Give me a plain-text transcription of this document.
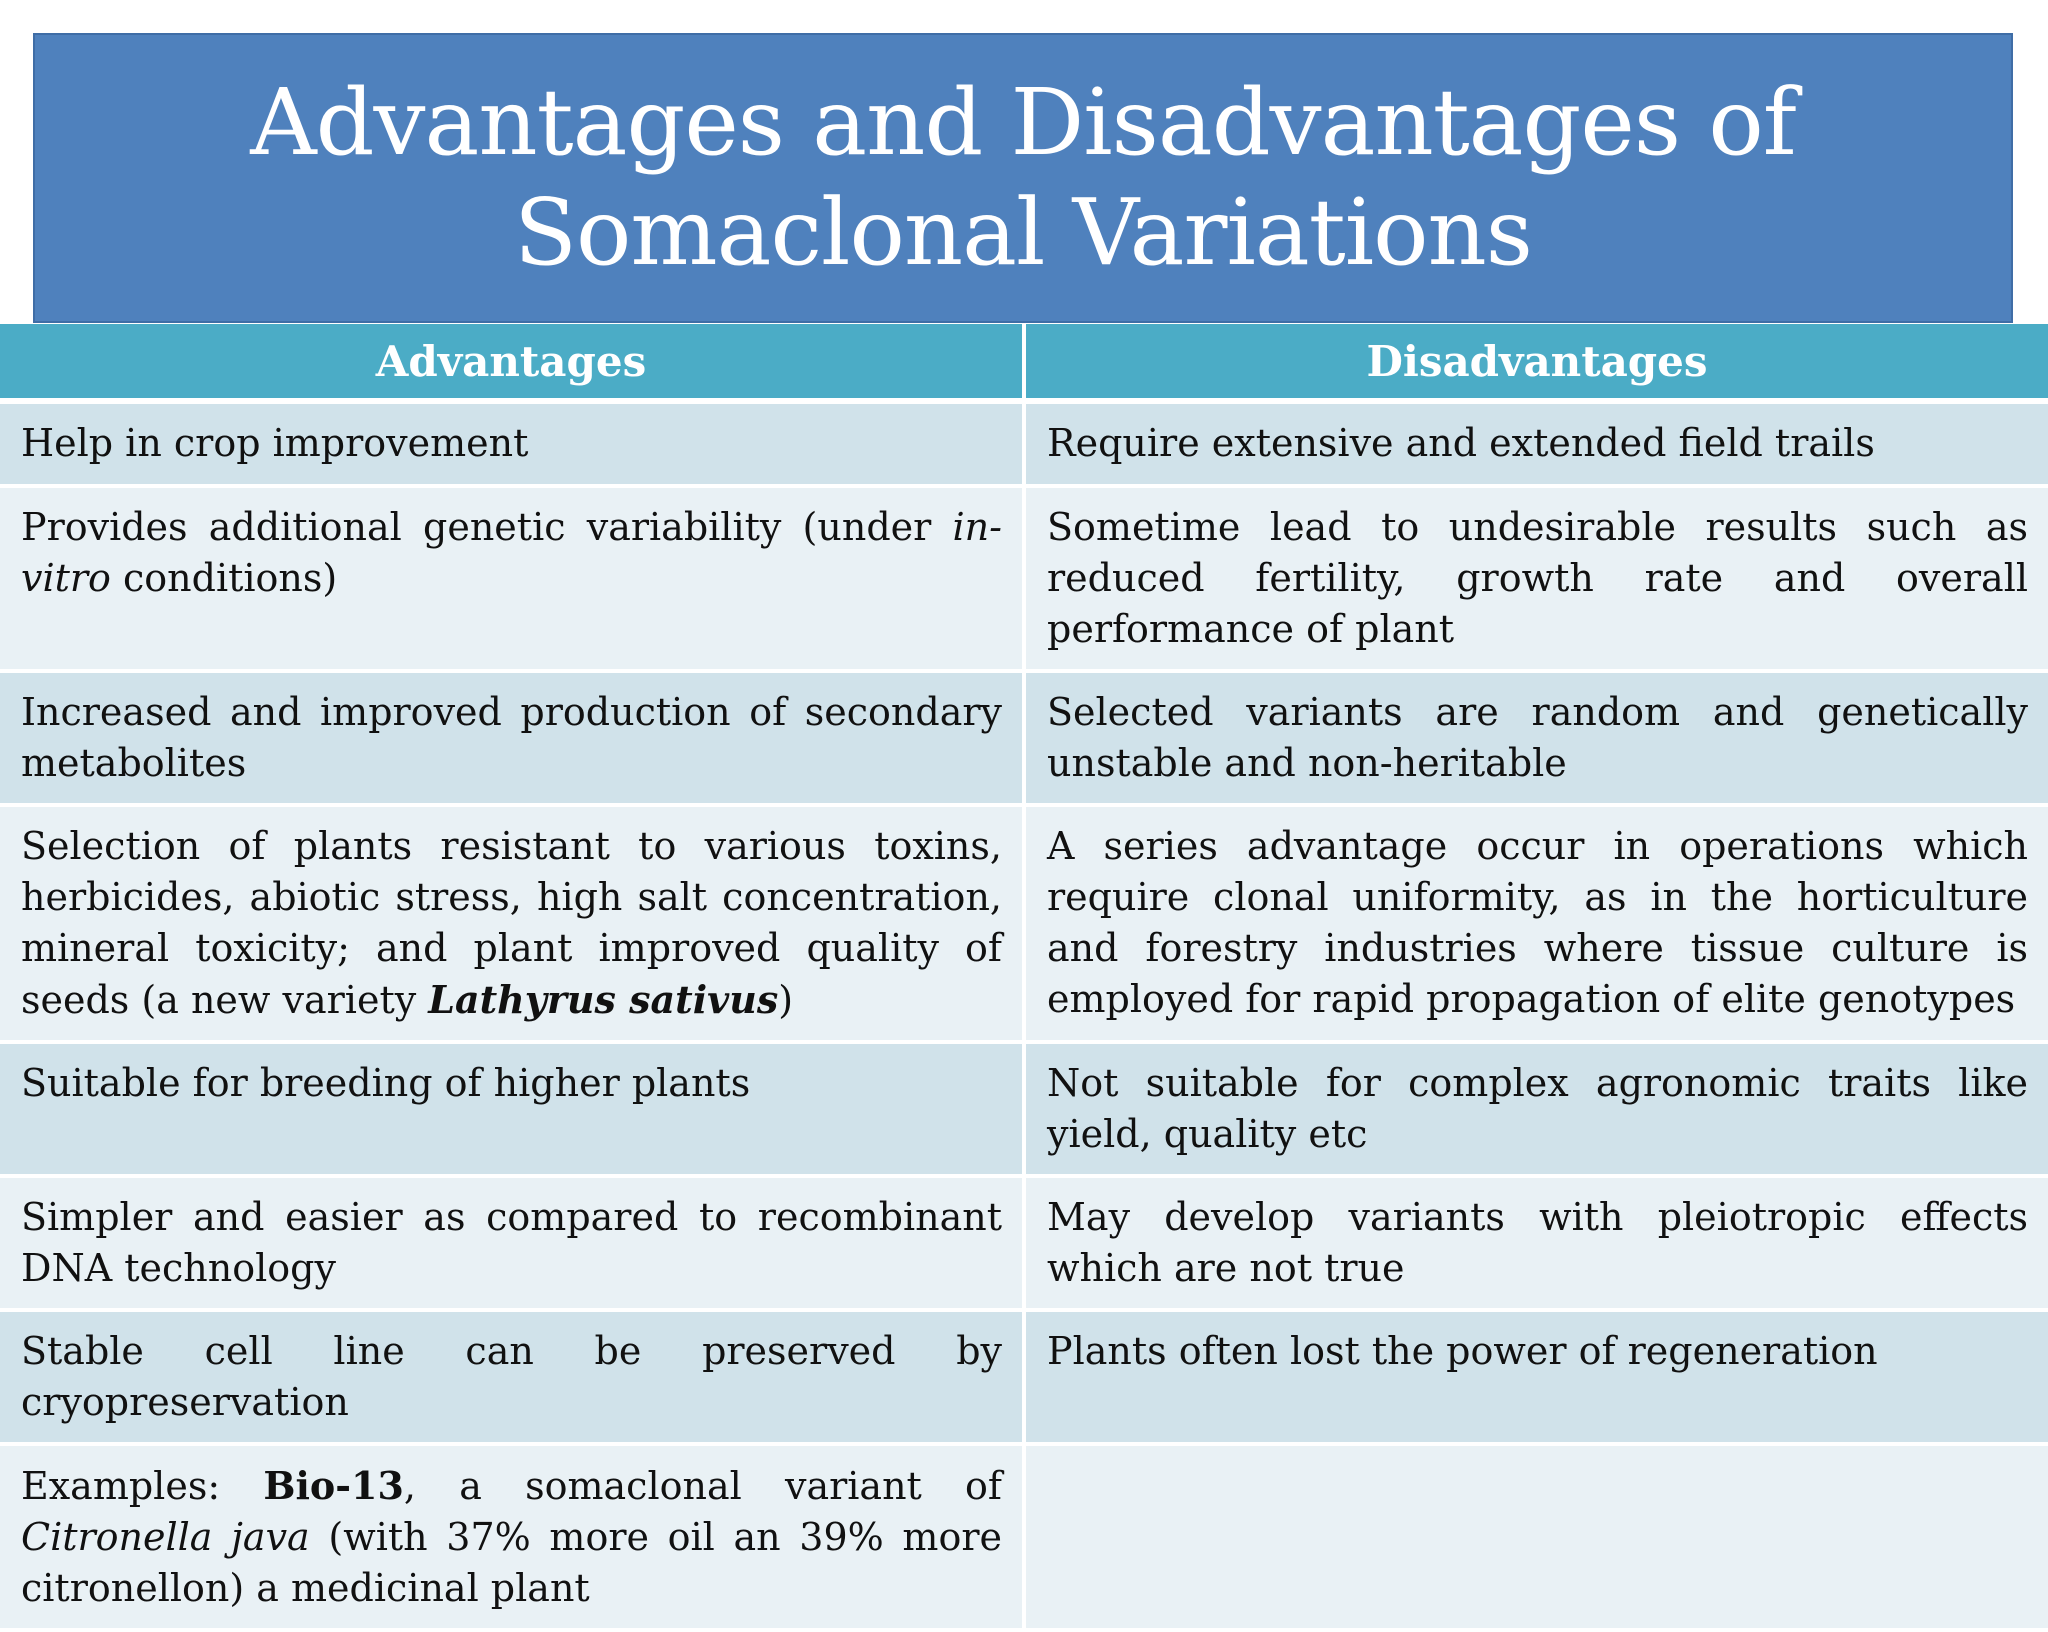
Advantages and Disadvantages of
Somaclonal Variations
Advantages	Disadvantages
Help in crop improvement	Require extensive and extended field trails
Provides additional genetic variability (under in-vitro conditions)	Sometime lead to undesirable results such as reduced fertility, growth rate and overall performance of plant
Increased and improved production of secondary metabolites	Selected variants are random and genetically unstable and non-heritable
Selection of plants resistant to various toxins, herbicides, abiotic stress, high salt concentration, mineral toxicity; and plant improved quality of seeds (a new variety Lathyrus sativus)	A series advantage occur in operations which require clonal uniformity, as in the horticulture and forestry industries where tissue culture is employed for rapid propagation of elite genotypes
Suitable for breeding of higher plants	Not suitable for complex agronomic traits like yield, quality etc
Simpler and easier as compared to recombinant DNA technology	May develop variants with pleiotropic effects which are not true
Stable cell line can be preserved by cryopreservation	Plants often lost the power of regeneration
Examples: Bio-13, a somaclonal variant of Citronella java (with 37% more oil an 39% more citronellon) a medicinal plant	
